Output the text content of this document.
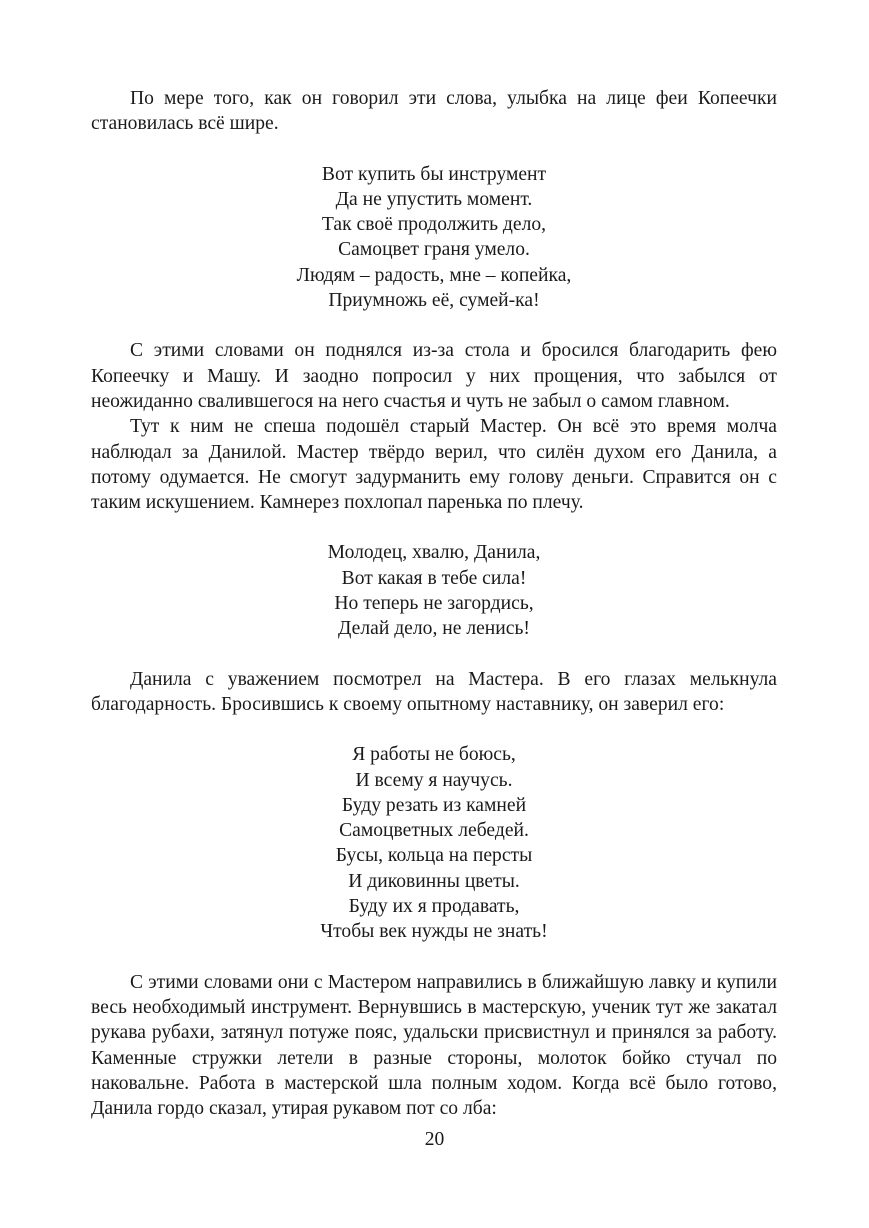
По мере того, как он говорил эти слова, улыбка на лице феи Копеечки становилась всё шире.

Вот купить бы инструмент
Да не упустить момент.
Так своё продолжить дело,
Самоцвет граня умело.
Людям – радость, мне – копейка,
Приумножь её, сумей-ка!

С этими словами он поднялся из-за стола и бросился благодарить фею Копеечку и Машу. И заодно попросил у них прощения, что забылся от неожиданно свалившегося на него счастья и чуть не забыл о самом главном.

Тут к ним не спеша подошёл старый Мастер. Он всё это время молча наблюдал за Данилой. Мастер твёрдо верил, что силён духом его Данила, а потому одумается. Не смогут задурманить ему голову деньги. Справится он с таким искушением. Камнерез похлопал паренька по плечу.

Молодец, хвалю, Данила,
Вот какая в тебе сила!
Но теперь не загордись,
Делай дело, не ленись!

Данила с уважением посмотрел на Мастера. В его глазах мелькнула благодарность. Бросившись к своему опытному наставнику, он заверил его:

Я работы не боюсь,
И всему я научусь.
Буду резать из камней
Самоцветных лебедей.
Бусы, кольца на персты
И диковинны цветы.
Буду их я продавать,
Чтобы век нужды не знать!

С этими словами они с Мастером направились в ближайшую лавку и купили весь необходимый инструмент. Вернувшись в мастерскую, ученик тут же закатал рукава рубахи, затянул потуже пояс, удальски присвистнул и принялся за работу. Каменные стружки летели в разные стороны, молоток бойко стучал по наковальне. Работа в мастерской шла полным ходом. Когда всё было готово, Данила гордо сказал, утирая рукавом пот со лба:

20
